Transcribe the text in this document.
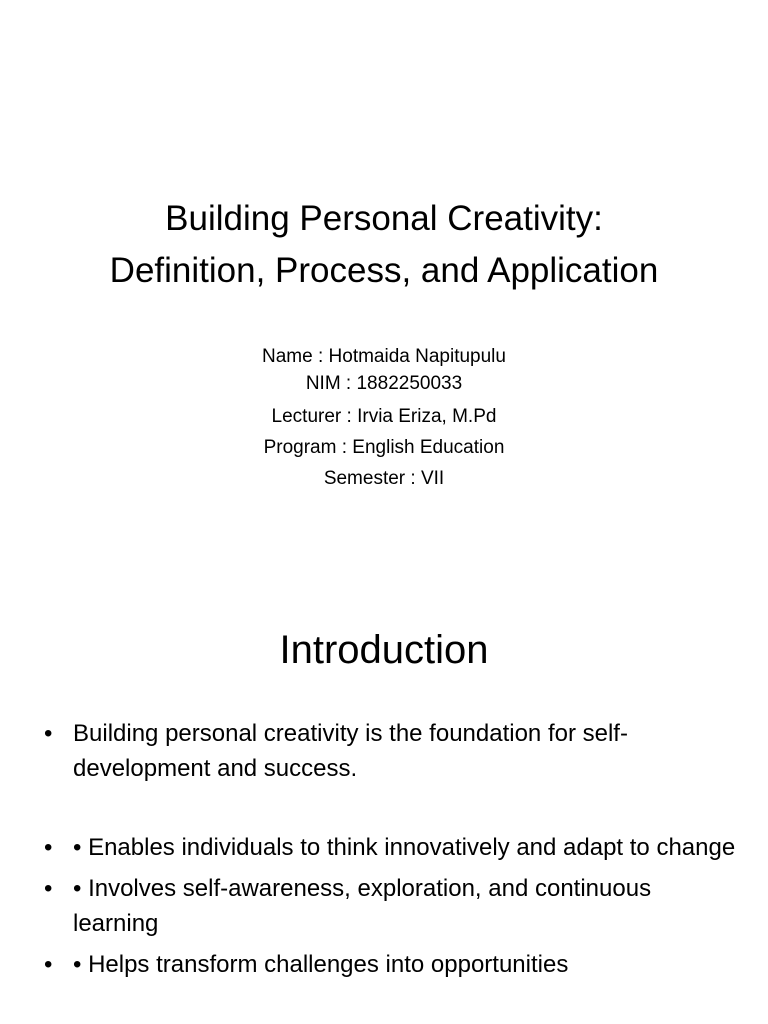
Building Personal Creativity:
Definition, Process, and Application
Name : Hotmaida Napitupulu
NIM : 1882250033
Lecturer : Irvia Eriza, M.Pd
Program : English Education
Semester : VII
Introduction
• Building personal creativity is the foundation for self-development and success.
• • Enables individuals to think innovatively and adapt to change
• • Involves self-awareness, exploration, and continuous learning
• • Helps transform challenges into opportunities
